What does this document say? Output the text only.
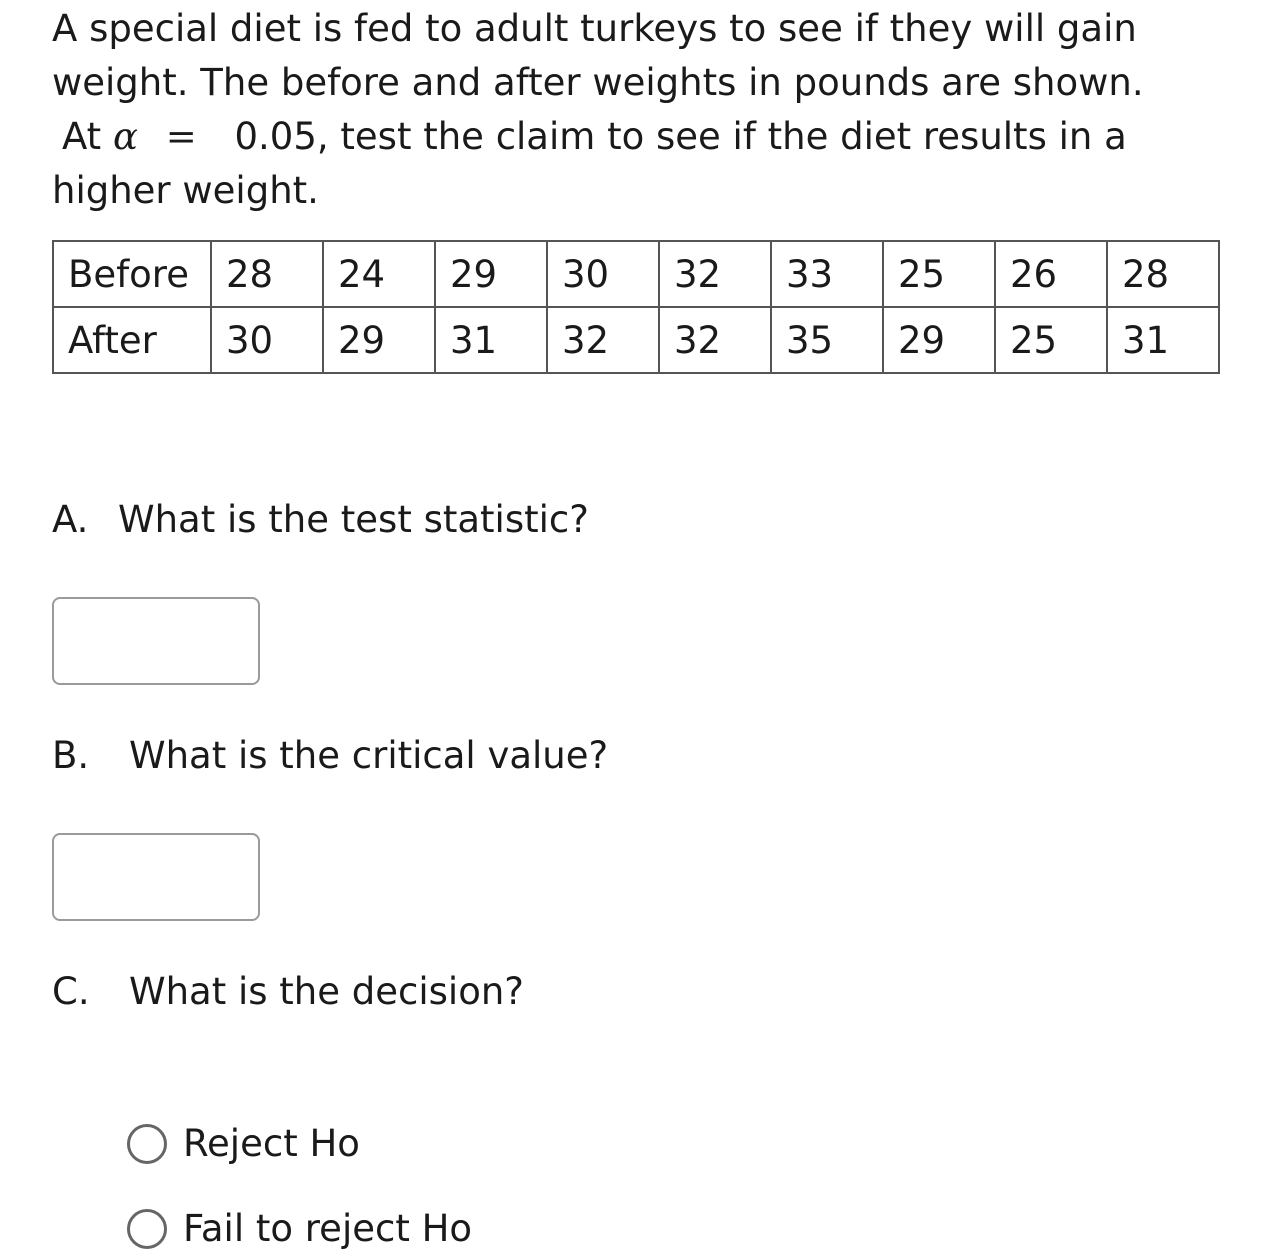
A special diet is fed to adult turkeys to see if they will gain
weight. The before and after weights in pounds are shown.
At α = 0.05, test the claim to see if the diet results in a
higher weight.
Before	28	24	29	30	32	33	25	26	28
After	30	29	31	32	32	35	29	25	31
A. What is the test statistic?
B. What is the critical value?
C. What is the decision?
Reject Ho
Fail to reject Ho
